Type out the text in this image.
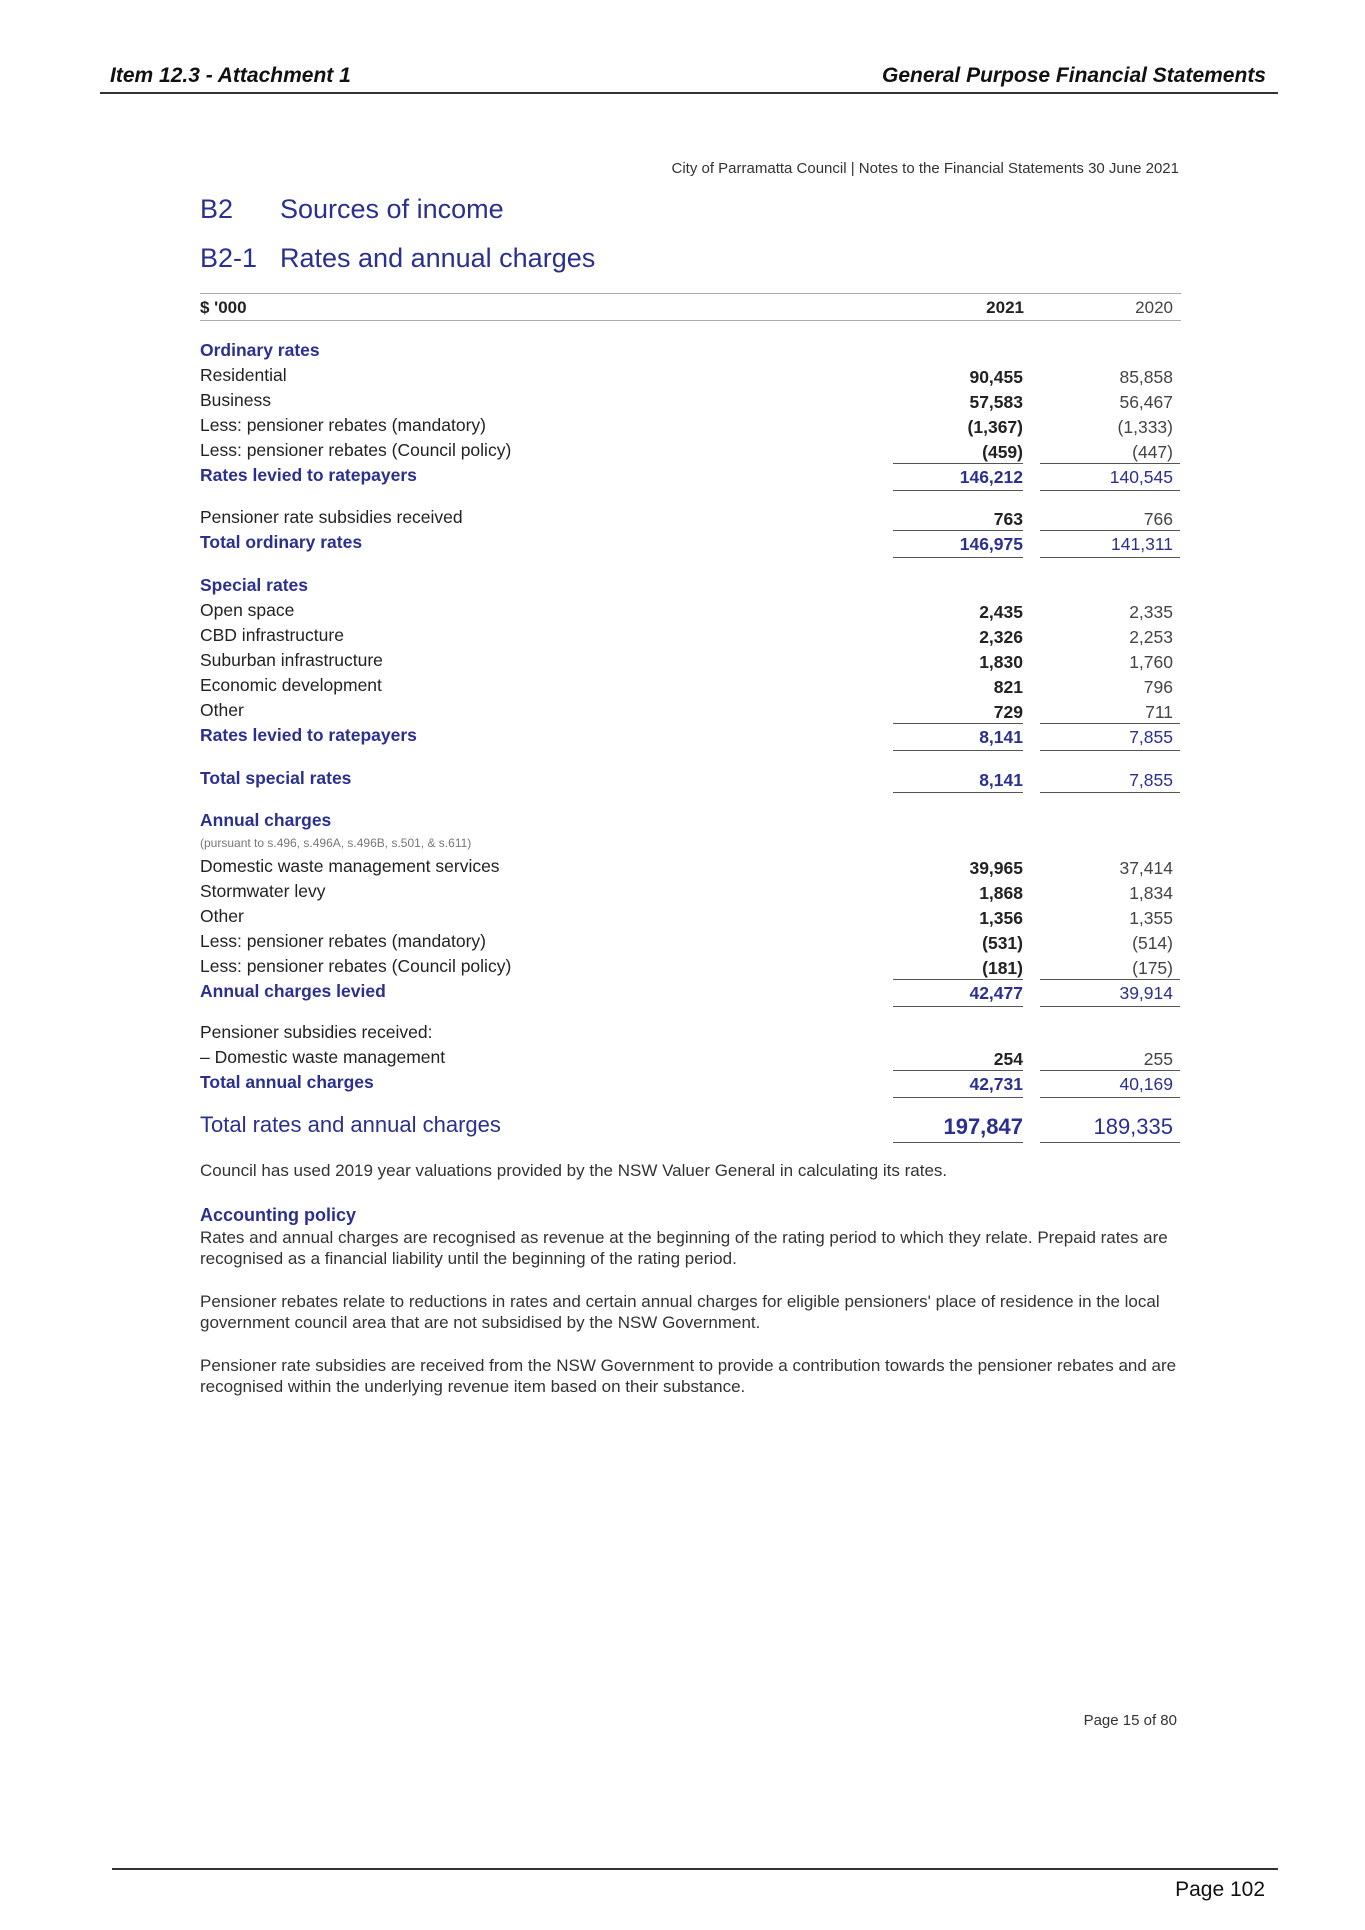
Item 12.3 - Attachment 1	General Purpose Financial Statements
City of Parramatta Council | Notes to the Financial Statements 30 June 2021
B2 Sources of income
B2-1 Rates and annual charges
$ '000	2021	2020
Ordinary rates
Residential	90,455	85,858
Business	57,583	56,467
Less: pensioner rebates (mandatory)	(1,367)	(1,333)
Less: pensioner rebates (Council policy)	(459)	(447)
Rates levied to ratepayers	146,212	140,545
Pensioner rate subsidies received	763	766
Total ordinary rates	146,975	141,311
Special rates
Open space	2,435	2,335
CBD infrastructure	2,326	2,253
Suburban infrastructure	1,830	1,760
Economic development	821	796
Other	729	711
Rates levied to ratepayers	8,141	7,855
Total special rates	8,141	7,855
Annual charges
(pursuant to s.496, s.496A, s.496B, s.501, & s.611)
Domestic waste management services	39,965	37,414
Stormwater levy	1,868	1,834
Other	1,356	1,355
Less: pensioner rebates (mandatory)	(531)	(514)
Less: pensioner rebates (Council policy)	(181)	(175)
Annual charges levied	42,477	39,914
Pensioner subsidies received:
– Domestic waste management	254	255
Total annual charges	42,731	40,169
Total rates and annual charges	197,847	189,335
Council has used 2019 year valuations provided by the NSW Valuer General in calculating its rates.
Accounting policy
Rates and annual charges are recognised as revenue at the beginning of the rating period to which they relate. Prepaid rates are recognised as a financial liability until the beginning of the rating period.
Pensioner rebates relate to reductions in rates and certain annual charges for eligible pensioners' place of residence in the local government council area that are not subsidised by the NSW Government.
Pensioner rate subsidies are received from the NSW Government to provide a contribution towards the pensioner rebates and are recognised within the underlying revenue item based on their substance.
Page 15 of 80
Page 102
